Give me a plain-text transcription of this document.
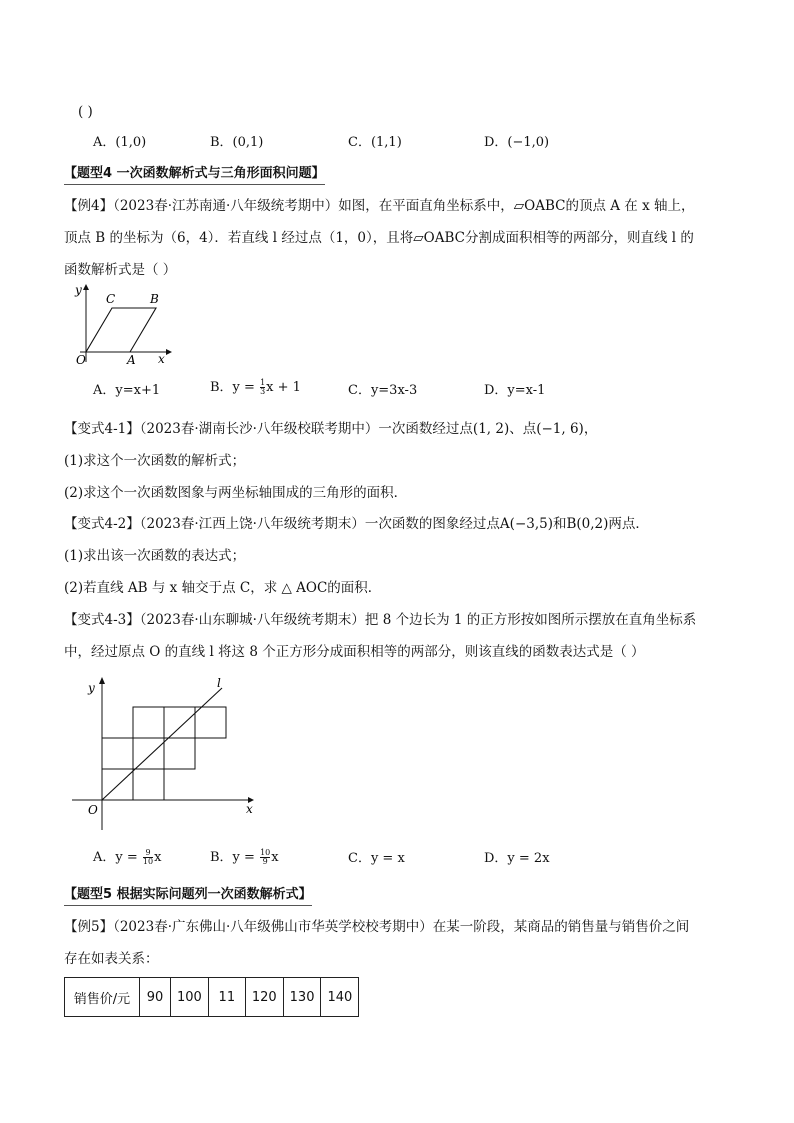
( )
A．(1,0)	B．(0,1)	C．(1,1)	D．(−1,0)
【题型4 一次函数解析式与三角形面积问题】
【例4】（2023春·江苏南通·八年级统考期中）如图，在平面直角坐标系中，▱OABC的顶点 A 在 x 轴上，
顶点 B 的坐标为（6，4）．若直线 l 经过点（1，0），且将▱OABC分割成面积相等的两部分，则直线 l 的
函数解析式是（ ）
y
x
O	A
B
C
A．y=x+1	B．$y = \frac{1}{3}$ x + 1	C．y=3x-3	D．y=x-1
【变式4-1】（2023春·湖南长沙·八年级校联考期中）一次函数经过点(1, 2)、点(−1, 6)，
(1)求这个一次函数的解析式；
(2)求这个一次函数图象与两坐标轴围成的三角形的面积．
【变式4-2】（2023春·江西上饶·八年级统考期末）一次函数的图象经过点A(−3,5)和B(0,2)两点．
(1)求出该一次函数的表达式；
(2)若直线 AB 与 x 轴交于点 C，求 △ AOC的面积．
【变式4-3】（2023春·山东聊城·八年级统考期末）把 8 个边长为 1 的正方形按如图所示摆放在直角坐标系
中，经过原点 O 的直线 l 将这 8 个正方形分成面积相等的两部分，则该直线的函数表达式是（ ）
y
x
O
l
A．$y = \frac{9}{10}$ x	B．$y = \frac{10}{9}$ x	C．y = x	D．y = 2x
【题型5 根据实际问题列一次函数解析式】
【例5】（2023春·广东佛山·八年级佛山市华英学校校考期中）在某一阶段，某商品的销售量与销售价之间
存在如表关系：
销售价/元	90	100	11	120	130	140
